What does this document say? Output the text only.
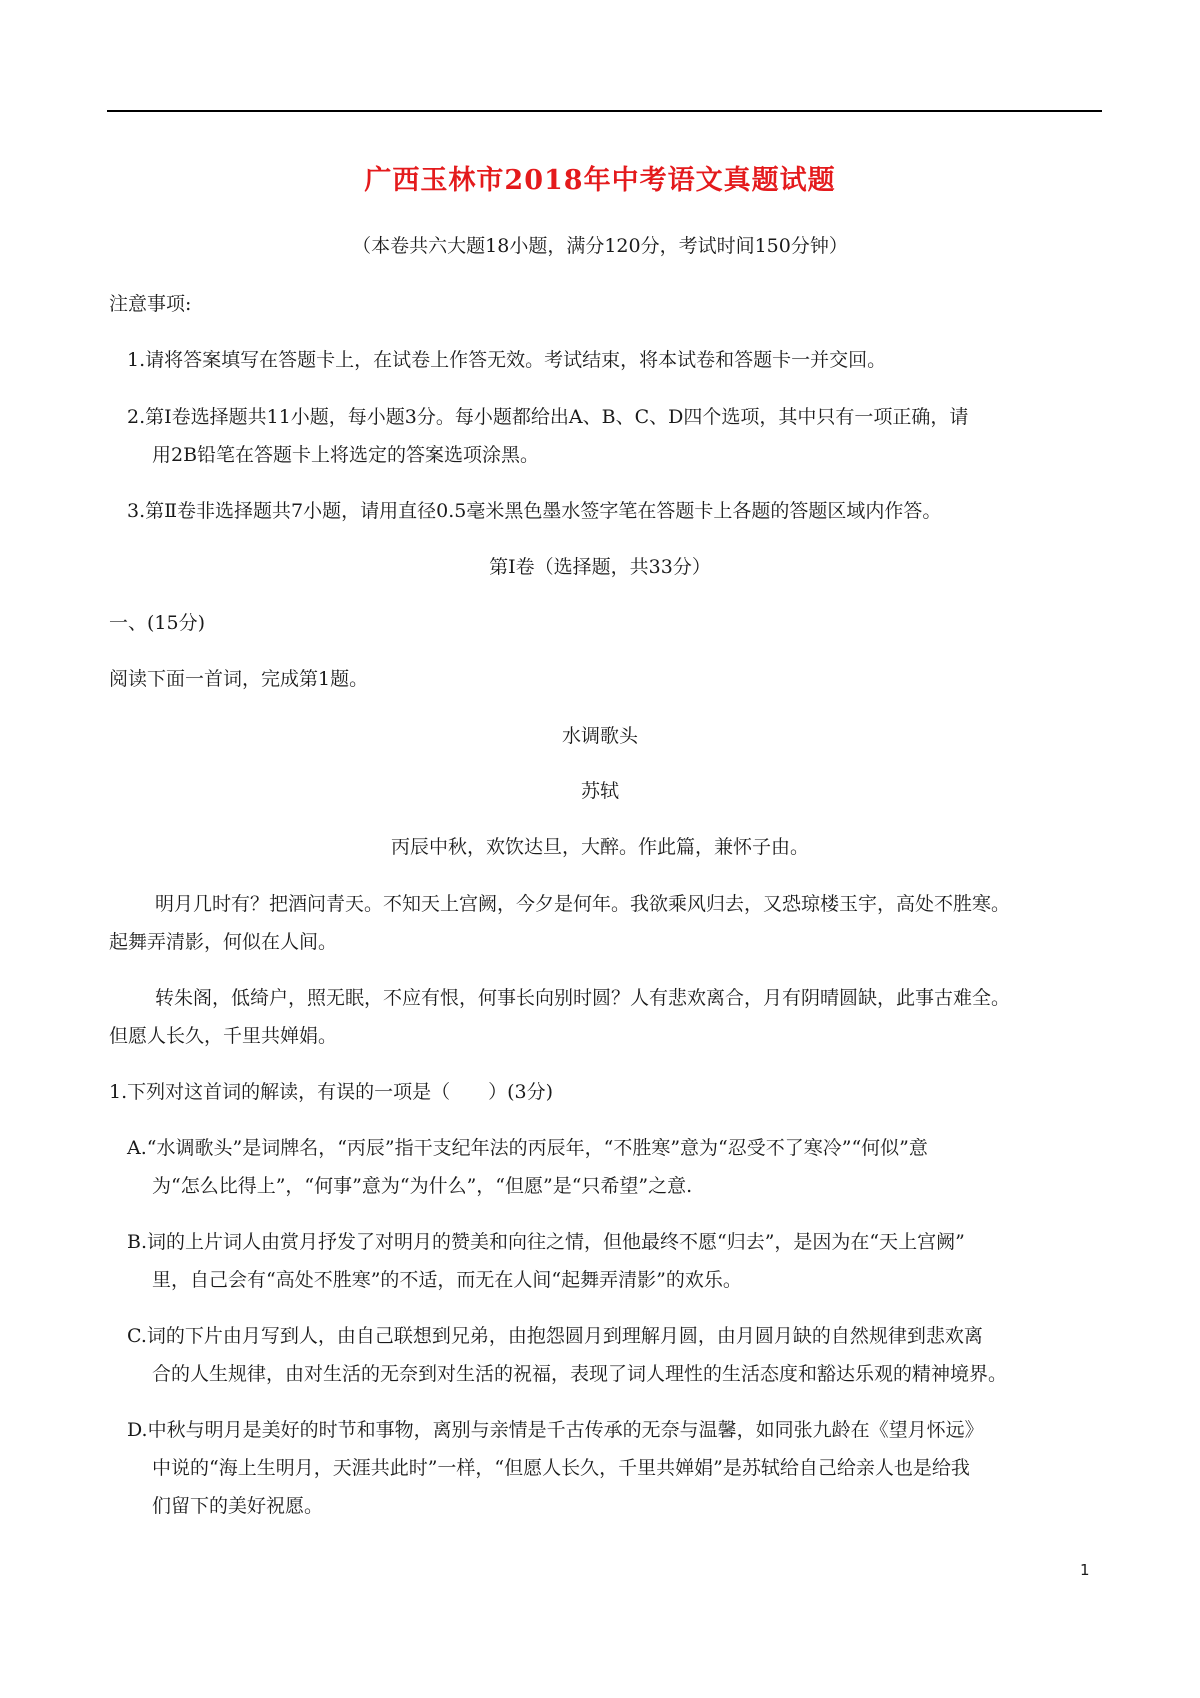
广西玉林市2018年中考语文真题试题
（本卷共六大题18小题，满分120分，考试时间150分钟）
注意事项:
1.请将答案填写在答题卡上，在试卷上作答无效。考试结束，将本试卷和答题卡一并交回。
2.第Ⅰ卷选择题共11小题，每小题3分。每小题都给出A、B、C、D四个选项，其中只有一项正确，请
用2B铅笔在答题卡上将选定的答案选项涂黑。
3.第Ⅱ卷非选择题共7小题，请用直径0.5毫米黑色墨水签字笔在答题卡上各题的答题区域内作答。
第Ⅰ卷（选择题，共33分）
一、(15分)
阅读下面一首词，完成第1题。
水调歌头
苏轼
丙辰中秋，欢饮达旦，大醉。作此篇，兼怀子由。
明月几时有？把酒问青天。不知天上宫阙，今夕是何年。我欲乘风归去，又恐琼楼玉宇，高处不胜寒。
起舞弄清影，何似在人间。
转朱阁，低绮户，照无眠，不应有恨，何事长向别时圆？人有悲欢离合，月有阴晴圆缺，此事古难全。
但愿人长久，千里共婵娟。
1.下列对这首词的解读，有误的一项是（　　）(3分)
A.“水调歌头”是词牌名，“丙辰”指干支纪年法的丙辰年，“不胜寒”意为“忍受不了寒冷”“何似”意
为“怎么比得上”，“何事”意为“为什么”，“但愿”是“只希望”之意.
B.词的上片词人由赏月抒发了对明月的赞美和向往之情，但他最终不愿“归去”，是因为在“天上宫阙”
里，自己会有“高处不胜寒”的不适，而无在人间“起舞弄清影”的欢乐。
C.词的下片由月写到人，由自己联想到兄弟，由抱怨圆月到理解月圆，由月圆月缺的自然规律到悲欢离
合的人生规律，由对生活的无奈到对生活的祝福，表现了词人理性的生活态度和豁达乐观的精神境界。
D.中秋与明月是美好的时节和事物，离别与亲情是千古传承的无奈与温馨，如同张九龄在《望月怀远》
中说的“海上生明月，天涯共此时”一样，“但愿人长久，千里共婵娟”是苏轼给自己给亲人也是给我
们留下的美好祝愿。
1
